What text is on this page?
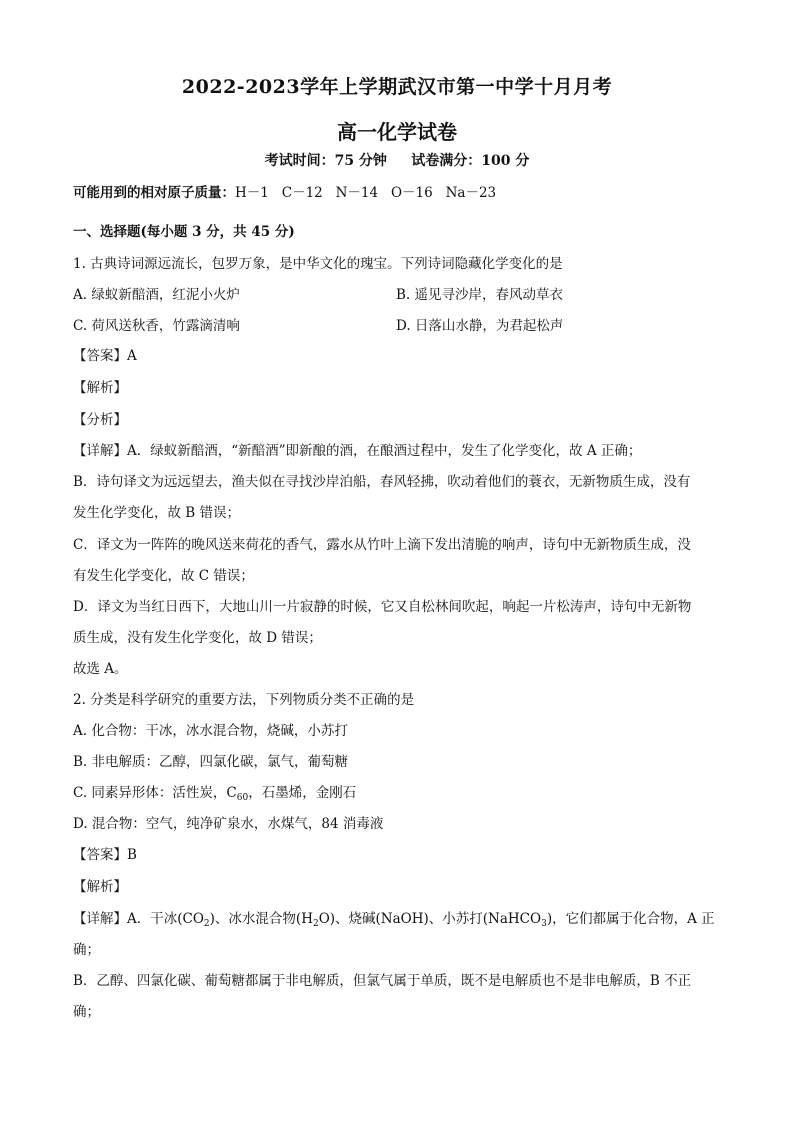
2022-2023学年上学期武汉市第一中学十月月考
高一化学试卷
考试时间：75 分钟     试卷满分：100 分
可能用到的相对原子质量：H－1   C－12   N－14   O－16   Na－23
一、选择题(每小题 3 分，共 45 分)
1. 古典诗词源远流长，包罗万象，是中华文化的瑰宝。下列诗词隐藏化学变化的是
A. 绿蚁新醅酒，红泥小火炉	B. 遥见寻沙岸，春风动草衣
C. 荷风送秋香，竹露滴清响	D. 日落山水静，为君起松声
【答案】A
【解析】
【分析】
【详解】A．绿蚁新醅酒，“新醅酒”即新酿的酒，在酿酒过程中，发生了化学变化，故 A 正确；
B．诗句译文为远远望去，渔夫似在寻找沙岸泊船，春风轻拂，吹动着他们的蓑衣，无新物质生成，没有
发生化学变化，故 B 错误；
C．译文为一阵阵的晚风送来荷花的香气，露水从竹叶上滴下发出清脆的响声，诗句中无新物质生成，没
有发生化学变化，故 C 错误；
D．译文为当红日西下，大地山川一片寂静的时候，它又自松林间吹起，响起一片松涛声，诗句中无新物
质生成，没有发生化学变化，故 D 错误；
故选 A。
2. 分类是科学研究的重要方法，下列物质分类不正确的是
A. 化合物：干冰，冰水混合物，烧碱，小苏打
B. 非电解质：乙醇，四氯化碳，氯气，葡萄糖
C. 同素异形体：活性炭，$C_{60}$，石墨烯，金刚石
D. 混合物：空气，纯净矿泉水，水煤气，84 消毒液
【答案】B
【解析】
【详解】A．干冰$(CO_2)$、冰水混合物$(H_2O)$、烧碱(NaOH)、小苏打(NaHCO$_3$)，它们都属于化合物，A 正
确；
B．乙醇、四氯化碳、葡萄糖都属于非电解质，但氯气属于单质，既不是电解质也不是非电解质，B 不正
确；
